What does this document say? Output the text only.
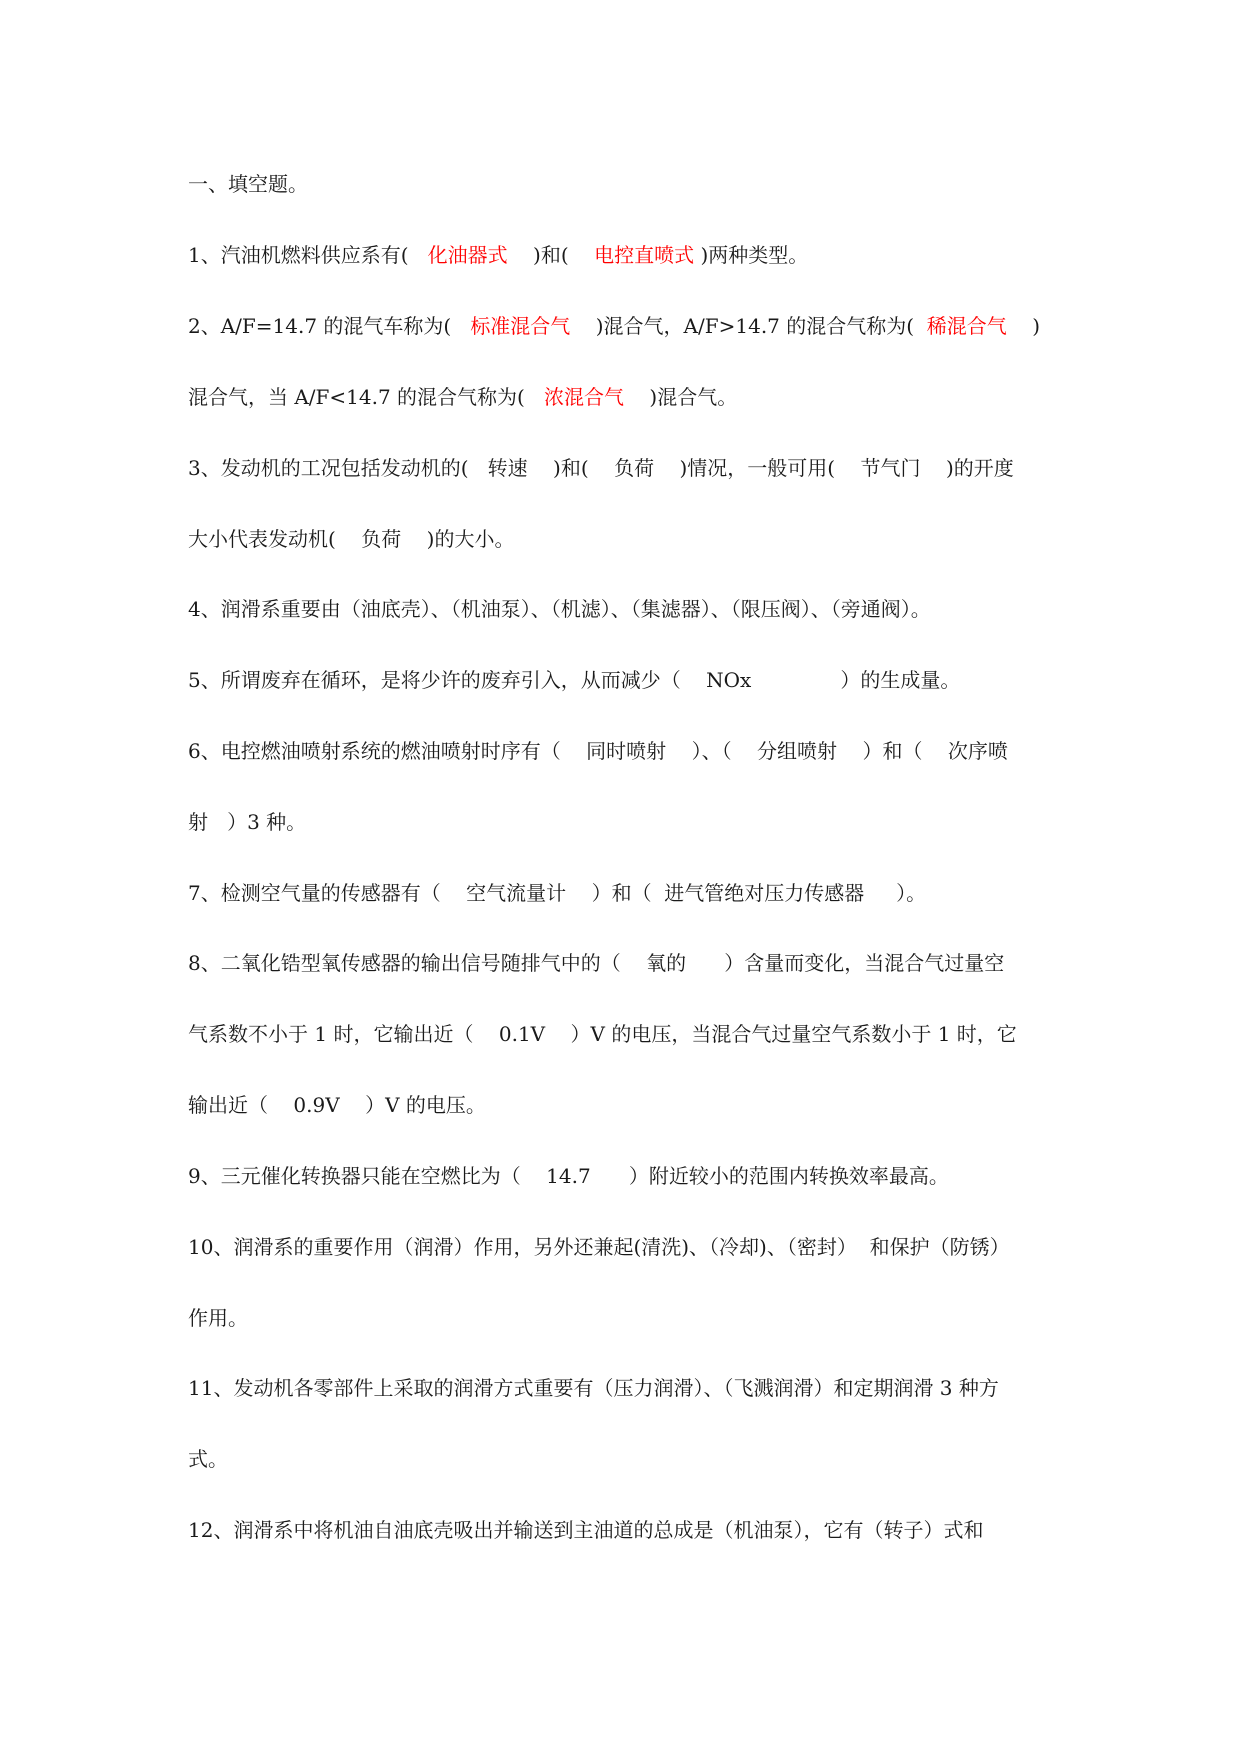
一、填空题。
1、汽油机燃料供应系有( 化油器式 )和( 电控直喷式 )两种类型。
2、A/F=14.7 的混气车称为( 标准混合气 )混合气，A/F>14.7 的混合气称为( 稀混合气 )
混合气，当 A/F<14.7 的混合气称为( 浓混合气 )混合气。
3、发动机的工况包括发动机的(   转速    )和(    负荷    )情况，一般可用(    节气门    )的开度
大小代表发动机(    负荷    )的大小。
4、润滑系重要由（油底壳）、（机油泵）、（机滤）、（集滤器）、（限压阀）、（旁通阀）。
5、所谓废弃在循环，是将少许的废弃引入，从而减少（    NOx              ）的生成量。
6、电控燃油喷射系统的燃油喷射时序有（    同时喷射    ）、（    分组喷射    ）和（    次序喷
射   ）3 种。
7、检测空气量的传感器有（    空气流量计    ）和（  进气管绝对压力传感器     ）。
8、二氧化锆型氧传感器的输出信号随排气中的（    氧的      ）含量而变化，当混合气过量空
气系数不小于 1 时，它输出近（    0.1V    ）V 的电压，当混合气过量空气系数小于 1 时，它
输出近（    0.9V    ）V 的电压。
9、三元催化转换器只能在空燃比为（    14.7      ）附近较小的范围内转换效率最高。
10、润滑系的重要作用（润滑）作用，另外还兼起(清洗)、（冷却)、（密封）  和保护（防锈）
作用。
11、发动机各零部件上采取的润滑方式重要有（压力润滑）、（飞溅润滑）和定期润滑 3 种方
式。
12、润滑系中将机油自油底壳吸出并输送到主油道的总成是（机油泵），它有（转子）式和
